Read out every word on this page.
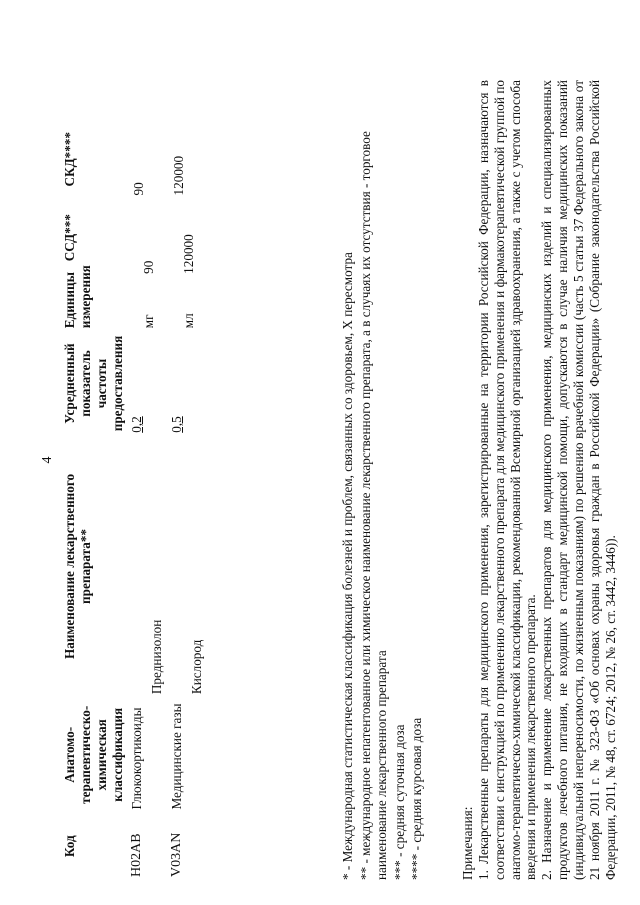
4
Код	Анатомо-терапевтическо-химическая классификация	Наименование лекарственного препарата**	Усредненный показатель частоты предоставления	Единицы измерения	ССД***	СКД****
H02AB	Глюкокортикоиды	Преднизолон	0,2	мг	90	90
V03AN	Медицинские газы	Кислород	0,5	мл	120000	120000
* - Международная статистическая классификация болезней и проблем, связанных со здоровьем, X пересмотра ** - международное непатентованное или химическое наименование лекарственного препарата, а в случаях их отсутствия - торговое наименование лекарственного препарата *** - средняя суточная доза **** - средняя курсовая доза	Примечания: 1. Лекарственные препараты для медицинского применения, зарегистрированные на территории Российской Федерации, назначаются в соответствии с инструкцией по применению лекарственного препарата для медицинского применения и фармакотерапевтической группой по анатомо-терапевтическо-химической классификации, рекомендованной Всемирной организацией здравоохранения, а также с учетом способа введения и применения лекарственного препарата. 2. Назначение и применение лекарственных препаратов для медицинского применения, медицинских изделий и специализированных продуктов лечебного питания, не входящих в стандарт медицинской помощи, допускаются в случае наличия медицинских показаний (индивидуальной непереносимости, по жизненным показаниям) по решению врачебной комиссии (часть 5 статьи 37 Федерального закона от 21 ноября 2011 г. № 323-ФЗ «Об основах охраны здоровья граждан в Российской Федерации» (Собрание законодательства Российской Федерации, 2011, № 48, ст. 6724; 2012, № 26, ст. 3442, 3446)).
